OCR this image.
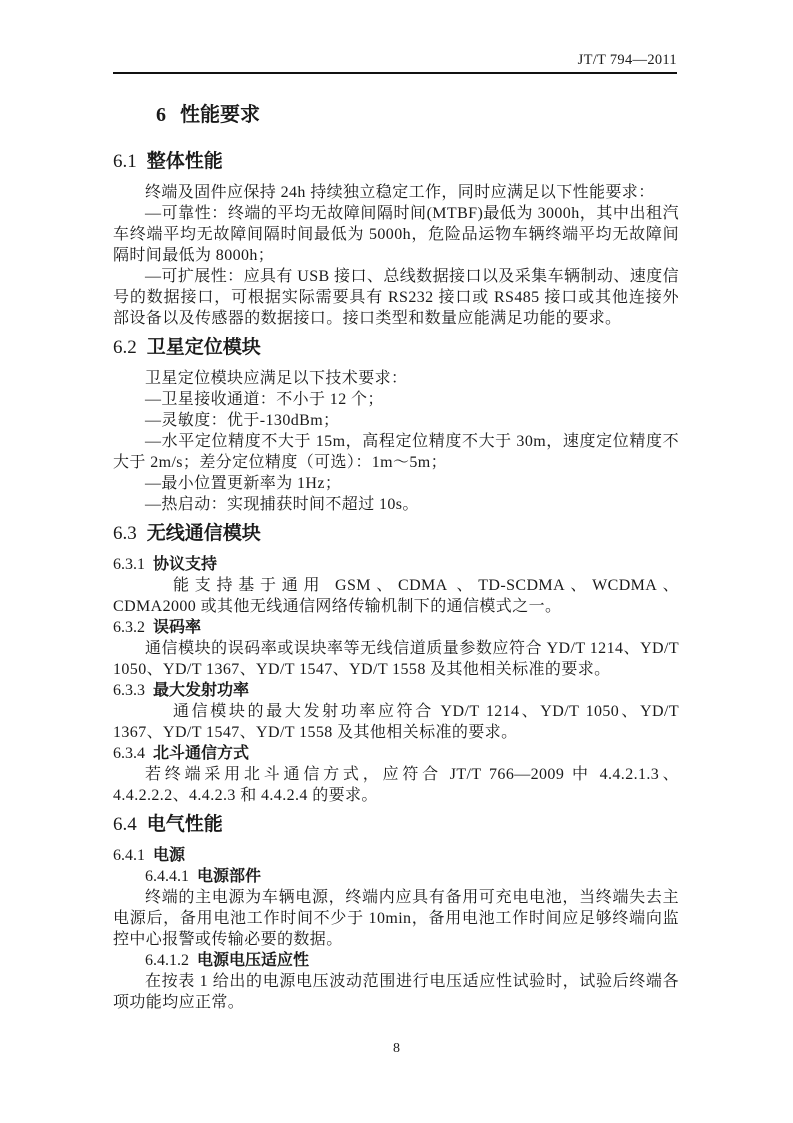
JT/T 794—2011
6 性能要求
6.1 整体性能

终端及固件应保持 24h 持续独立稳定工作，同时应满足以下性能要求：

—可靠性：终端的平均无故障间隔时间(MTBF)最低为 3000h，其中出租汽车终端平均无故障间隔时间最低为 5000h，危险品运物车辆终端平均无故障间隔时间最低为 8000h；

—可扩展性：应具有 USB 接口、总线数据接口以及采集车辆制动、速度信号的数据接口，可根据实际需要具有 RS232 接口或 RS485 接口或其他连接外部设备以及传感器的数据接口。接口类型和数量应能满足功能的要求。

6.2 卫星定位模块

卫星定位模块应满足以下技术要求：

—卫星接收通道：不小于 12 个；

—灵敏度：优于-130dBm；

—水平定位精度不大于 15m，高程定位精度不大于 30m，速度定位精度不大于 2m/s；差分定位精度（可选）：1m～5m；

—最小位置更新率为 1Hz；

—热启动：实现捕获时间不超过 10s。

6.3 无线通信模块
6.3.1 协议支持

能支持基于通用 GSM、CDMA 、TD-SCDMA、WCDMA、CDMA2000 或其他无线通信网络传输机制下的通信模式之一。

6.3.2 误码率

通信模块的误码率或误块率等无线信道质量参数应符合 YD/T 1214、YD/T 1050、YD/T 1367、YD/T 1547、YD/T 1558 及其他相关标准的要求。

6.3.3 最大发射功率

通信模块的最大发射功率应符合 YD/T 1214、YD/T 1050、YD/T 1367、YD/T 1547、YD/T 1558 及其他相关标准的要求。

6.3.4 北斗通信方式

若终端采用北斗通信方式，应符合 JT/T 766—2009 中 4.4.2.1.3、4.4.2.2.2、4.4.2.3 和 4.4.2.4 的要求。

6.4 电气性能
6.4.1 电源
6.4.4.1 电源部件

终端的主电源为车辆电源，终端内应具有备用可充电电池，当终端失去主电源后，备用电池工作时间不少于 10min，备用电池工作时间应足够终端向监控中心报警或传输必要的数据。

6.4.1.2 电源电压适应性

在按表 1 给出的电源电压波动范围进行电压适应性试验时，试验后终端各项功能均应正常。

8
